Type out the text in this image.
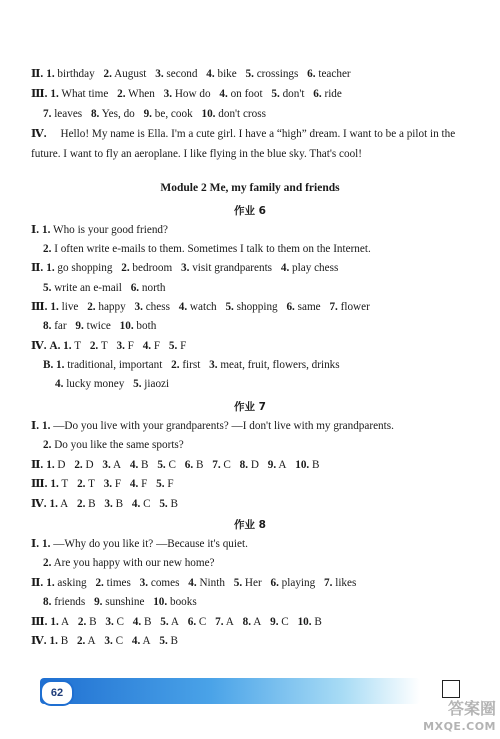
Ⅱ. 1. birthday 2. August 3. second 4. bike 5. crossings 6. teacher
Ⅲ. 1. What time 2. When 3. How do 4. on foot 5. don't 6. ride
7. leaves 8. Yes, do 9. be, cook 10. don't cross
Ⅳ. Hello! My name is Ella. I'm a cute girl. I have a “high” dream. I want to be a pilot in the future. I want to fly an aeroplane. I like flying in the blue sky. That's cool!
Module 2 Me, my family and friends
作业 6
Ⅰ. 1. Who is your good friend?
2. I often write e-mails to them. Sometimes I talk to them on the Internet.
Ⅱ. 1. go shopping 2. bedroom 3. visit grandparents 4. play chess
5. write an e-mail 6. north
Ⅲ. 1. live 2. happy 3. chess 4. watch 5. shopping 6. same 7. flower
8. far 9. twice 10. both
Ⅳ. A. 1. T 2. T 3. F 4. F 5. F
B. 1. traditional, important 2. first 3. meat, fruit, flowers, drinks
4. lucky money 5. jiaozi
作业 7
Ⅰ. 1. —Do you live with your grandparents? —I don't live with my grandparents.
2. Do you like the same sports?
Ⅱ. 1. D 2. D 3. A 4. B 5. C 6. B 7. C 8. D 9. A 10. B
Ⅲ. 1. T 2. T 3. F 4. F 5. F
Ⅳ. 1. A 2. B 3. B 4. C 5. B
作业 8
Ⅰ. 1. —Why do you like it? —Because it's quiet.
2. Are you happy with our new home?
Ⅱ. 1. asking 2. times 3. comes 4. Ninth 5. Her 6. playing 7. likes
8. friends 9. sunshine 10. books
Ⅲ. 1. A 2. B 3. C 4. B 5. A 6. C 7. A 8. A 9. C 10. B
Ⅳ. 1. B 2. A 3. C 4. A 5. B
62
答案圈
MXQE.COM
